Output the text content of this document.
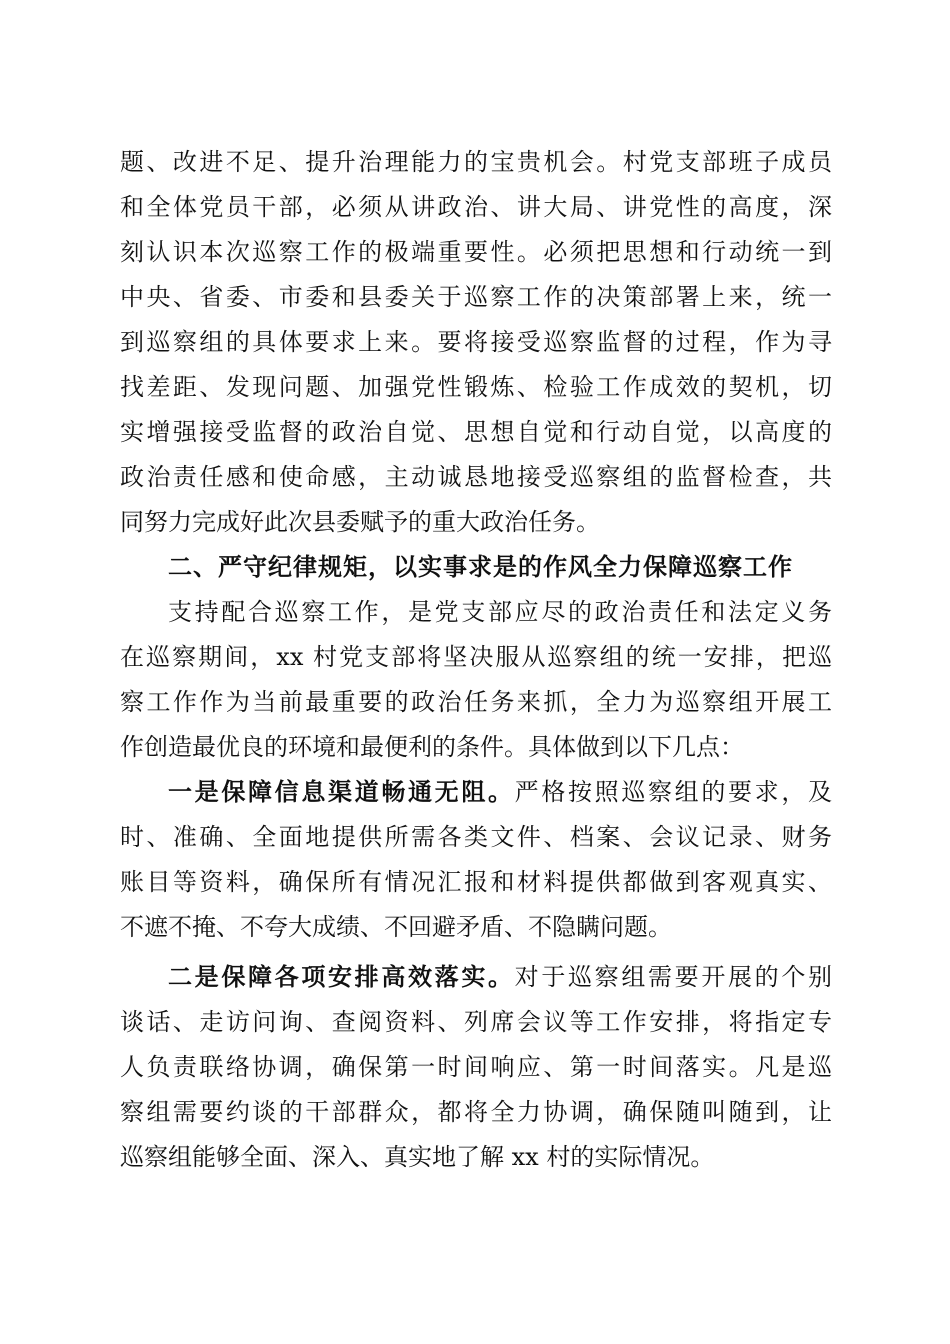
题、改进不足、提升治理能力的宝贵机会。村党支部班子成员
和全体党员干部，必须从讲政治、讲大局、讲党性的高度，深
刻认识本次巡察工作的极端重要性。必须把思想和行动统一到
中央、省委、市委和县委关于巡察工作的决策部署上来，统一
到巡察组的具体要求上来。要将接受巡察监督的过程，作为寻
找差距、发现问题、加强党性锻炼、检验工作成效的契机，切
实增强接受监督的政治自觉、思想自觉和行动自觉，以高度的
政治责任感和使命感，主动诚恳地接受巡察组的监督检查，共
同努力完成好此次县委赋予的重大政治任务。
二、严守纪律规矩，以实事求是的作风全力保障巡察工作
支持配合巡察工作，是党支部应尽的政治责任和法定义务
在巡察期间，xx 村党支部将坚决服从巡察组的统一安排，把巡
察工作作为当前最重要的政治任务来抓，全力为巡察组开展工
作创造最优良的环境和最便利的条件。具体做到以下几点：
一是保障信息渠道畅通无阻。严格按照巡察组的要求，及
时、准确、全面地提供所需各类文件、档案、会议记录、财务
账目等资料，确保所有情况汇报和材料提供都做到客观真实、
不遮不掩、不夸大成绩、不回避矛盾、不隐瞒问题。
二是保障各项安排高效落实。对于巡察组需要开展的个别
谈话、走访问询、查阅资料、列席会议等工作安排，将指定专
人负责联络协调，确保第一时间响应、第一时间落实。凡是巡
察组需要约谈的干部群众，都将全力协调，确保随叫随到，让
巡察组能够全面、深入、真实地了解 xx 村的实际情况。
